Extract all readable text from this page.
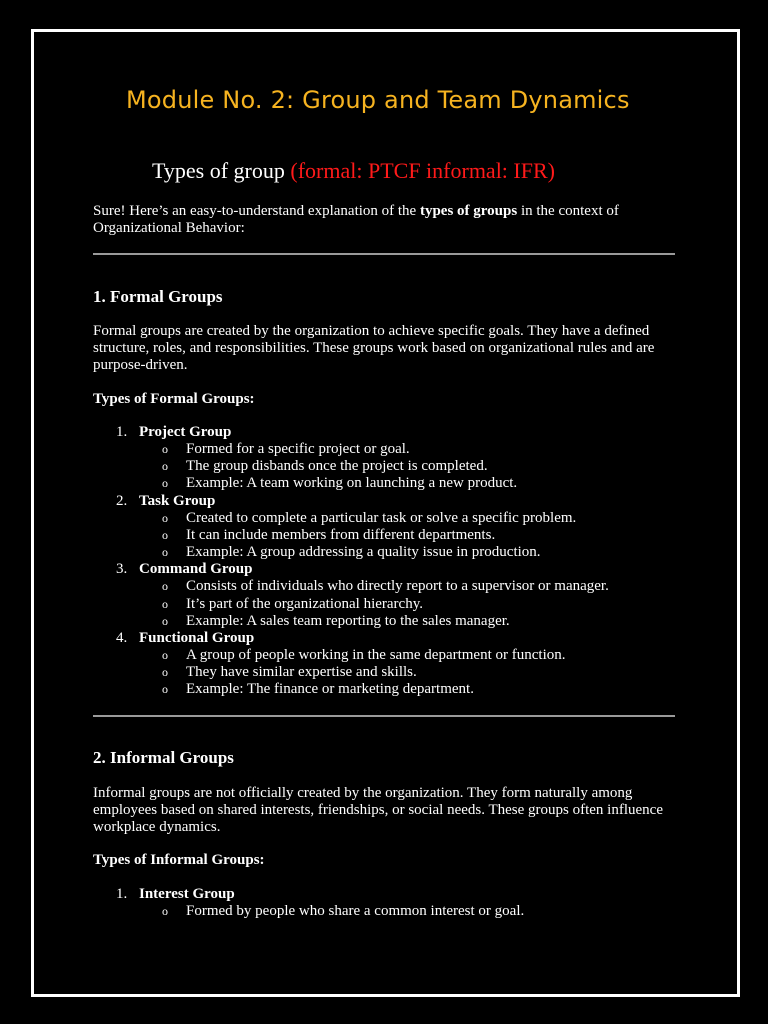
Module No. 2: Group and Team Dynamics
Types of group (formal: PTCF informal: IFR)
Sure! Here’s an easy-to-understand explanation of the types of groups in the context of Organizational Behavior:
1. Formal Groups
Formal groups are created by the organization to achieve specific goals. They have a defined structure, roles, and responsibilities. These groups work based on organizational rules and are purpose-driven.
Types of Formal Groups:
1. Project Group
o Formed for a specific project or goal.
o The group disbands once the project is completed.
o Example: A team working on launching a new product.
2. Task Group
o Created to complete a particular task or solve a specific problem.
o It can include members from different departments.
o Example: A group addressing a quality issue in production.
3. Command Group
o Consists of individuals who directly report to a supervisor or manager.
o It’s part of the organizational hierarchy.
o Example: A sales team reporting to the sales manager.
4. Functional Group
o A group of people working in the same department or function.
o They have similar expertise and skills.
o Example: The finance or marketing department.
2. Informal Groups
Informal groups are not officially created by the organization. They form naturally among employees based on shared interests, friendships, or social needs. These groups often influence workplace dynamics.
Types of Informal Groups:
1. Interest Group
o Formed by people who share a common interest or goal.
